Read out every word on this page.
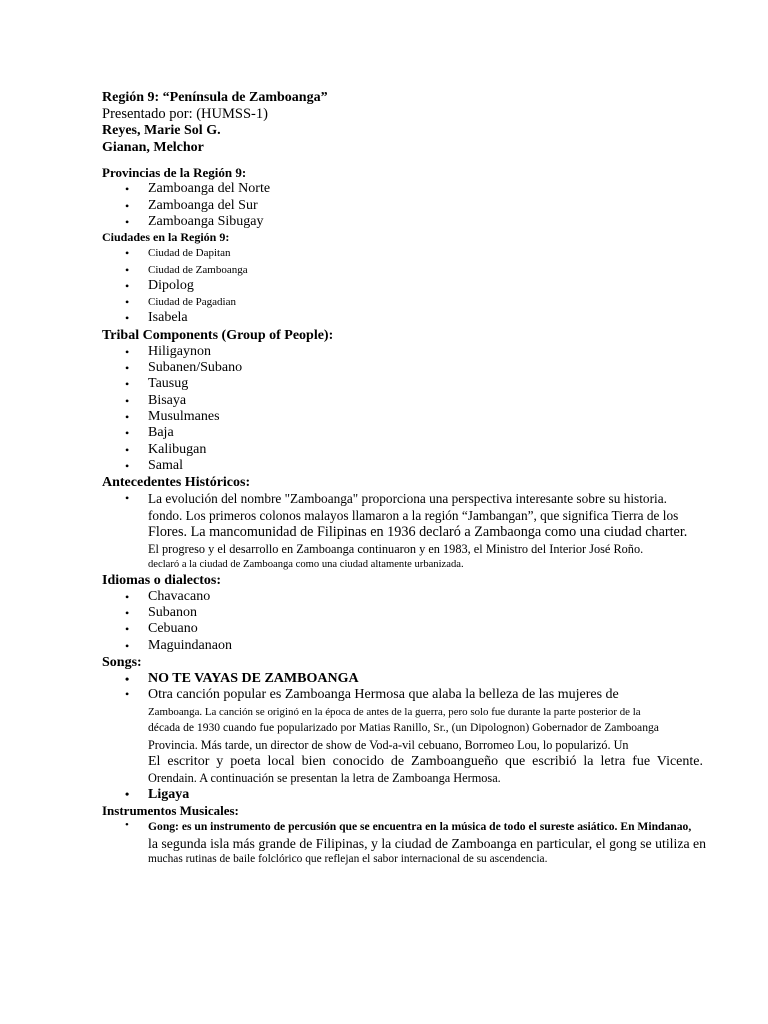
Región 9: “Península de Zamboanga”
Presentado por: (HUMSS-1)
Reyes, Marie Sol G.
Gianan, Melchor
Provincias de la Región 9:
• Zamboanga del Norte
• Zamboanga del Sur
• Zamboanga Sibugay
Ciudades en la Región 9:
• Ciudad de Dapitan
• Ciudad de Zamboanga
• Dipolog
• Ciudad de Pagadian
• Isabela
Tribal Components (Group of People):
• Hiligaynon
• Subanen/Subano
• Tausug
• Bisaya
• Musulmanes
• Baja
• Kalibugan
• Samal
Antecedentes Históricos:
• La evolución del nombre "Zamboanga" proporciona una perspectiva interesante sobre su historia.
fondo. Los primeros colonos malayos llamaron a la región “Jambangan”, que significa Tierra de los
Flores. La mancomunidad de Filipinas en 1936 declaró a Zambaonga como una ciudad charter.
El progreso y el desarrollo en Zamboanga continuaron y en 1983, el Ministro del Interior José Roño.
declaró a la ciudad de Zamboanga como una ciudad altamente urbanizada.
Idiomas o dialectos:
• Chavacano
• Subanon
• Cebuano
• Maguindanaon
Songs:
• NO TE VAYAS DE ZAMBOANGA
• Otra canción popular es Zamboanga Hermosa que alaba la belleza de las mujeres de
Zamboanga. La canción se originó en la época de antes de la guerra, pero solo fue durante la parte posterior de la
década de 1930 cuando fue popularizado por Matias Ranillo, Sr., (un Dipolognon) Gobernador de Zamboanga
Provincia. Más tarde, un director de show de Vod-a-vil cebuano, Borromeo Lou, lo popularizó. Un
El escritor y poeta local bien conocido de Zamboangueño que escribió la letra fue Vicente.
Orendain. A continuación se presentan la letra de Zamboanga Hermosa.
• Ligaya
Instrumentos Musicales:
• Gong: es un instrumento de percusión que se encuentra en la música de todo el sureste asiático. En Mindanao,
la segunda isla más grande de Filipinas, y la ciudad de Zamboanga en particular, el gong se utiliza en
muchas rutinas de baile folclórico que reflejan el sabor internacional de su ascendencia.
